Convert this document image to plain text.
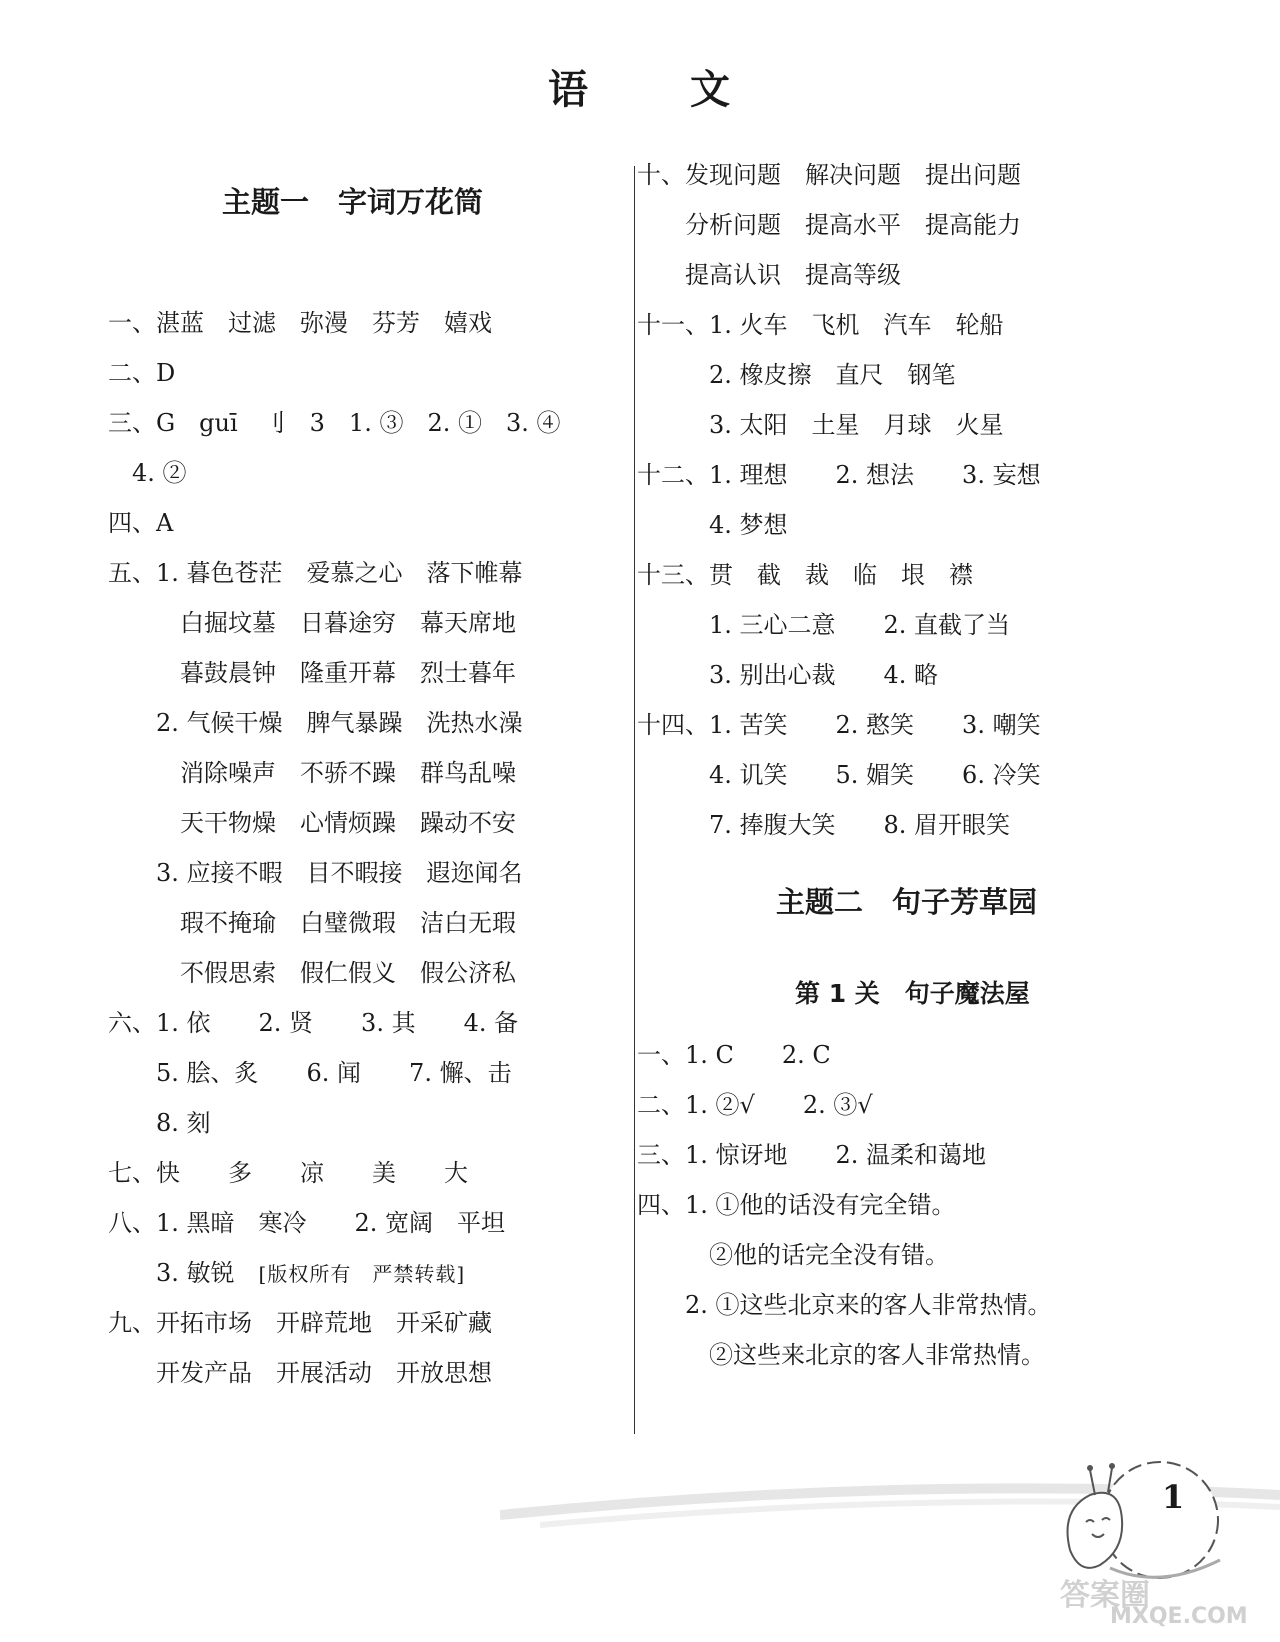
语	文
主题一　字词万花筒
一、湛蓝　过滤　弥漫　芬芳　嬉戏
二、D
三、G　guī　刂　3　1. ③　2. ①　3. ④
　4. ②
四、A
五、1. 暮色苍茫　爱慕之心　落下帷幕
　　　白掘坟墓　日暮途穷　幕天席地
　　　暮鼓晨钟　隆重开幕　烈士暮年
　　2. 气候干燥　脾气暴躁　洗热水澡
　　　消除噪声　不骄不躁　群鸟乱噪
　　　天干物燥　心情烦躁　躁动不安
　　3. 应接不暇　目不暇接　遐迩闻名
　　　瑕不掩瑜　白璧微瑕　洁白无瑕
　　　不假思索　假仁假义　假公济私
六、1. 依　　2. 贤　　3. 其　　4. 备
　　5. 脍、炙　　6. 闻　　7. 懈、击
　　8. 刻
七、快　　多　　凉　　美　　大
八、1. 黑暗　寒冷　　2. 宽阔　平坦
　　3. 敏锐 [版权所有　严禁转载]
九、开拓市场　开辟荒地　开采矿藏
　　开发产品　开展活动　开放思想
十、发现问题　解决问题　提出问题
　　分析问题　提高水平　提高能力
　　提高认识　提高等级
十一、1. 火车　飞机　汽车　轮船
　　　2. 橡皮擦　直尺　钢笔
　　　3. 太阳　土星　月球　火星
十二、1. 理想　　2. 想法　　3. 妄想
　　　4. 梦想
十三、贯　截　裁　临　垠　襟
　　　1. 三心二意　　2. 直截了当
　　　3. 别出心裁　　4. 略
十四、1. 苦笑　　2. 憨笑　　3. 嘲笑
　　　4. 讥笑　　5. 媚笑　　6. 冷笑
　　　7. 捧腹大笑　　8. 眉开眼笑
主题二　句子芳草园
第 1 关　句子魔法屋
一、1. C　　2. C
二、1. ②√　　2. ③√
三、1. 惊讶地　　2. 温柔和蔼地
四、1. ①他的话没有完全错。
　　　②他的话完全没有错。
　　2. ①这些北京来的客人非常热情。
　　　②这些来北京的客人非常热情。
1
答案圈
MXQE.COM
